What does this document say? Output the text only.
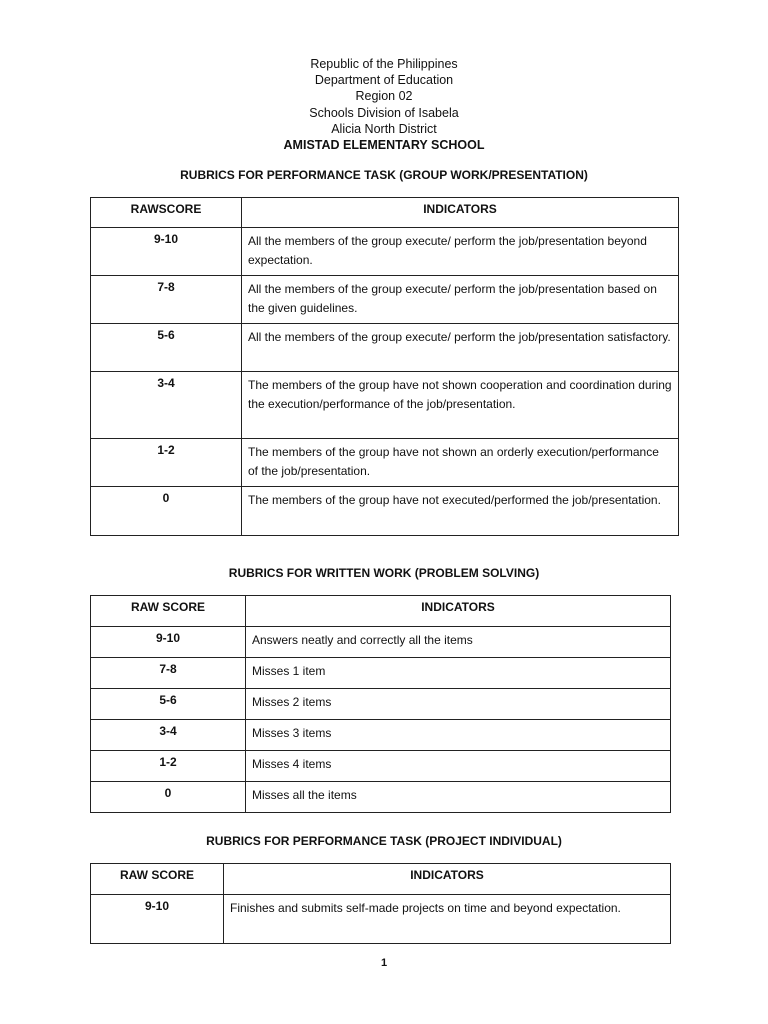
Republic of the Philippines
Department of Education
Region 02
Schools Division of Isabela
Alicia North District
AMISTAD ELEMENTARY SCHOOL
RUBRICS FOR PERFORMANCE TASK (GROUP WORK/PRESENTATION)
RAWSCORE	INDICATORS
9-10	All the members of the group execute/ perform the job/presentation beyond expectation.
7-8	All the members of the group execute/ perform the job/presentation based on the given guidelines.
5-6	All the members of the group execute/ perform the job/presentation satisfactory.
3-4	The members of the group have not shown cooperation and coordination during the execution/performance of the job/presentation.
1-2	The members of the group have not shown an orderly execution/performance of the job/presentation.
0	The members of the group have not executed/performed the job/presentation.
RUBRICS FOR WRITTEN WORK (PROBLEM SOLVING)
RAW SCORE	INDICATORS
9-10	Answers neatly and correctly all the items
7-8	Misses 1 item
5-6	Misses 2 items
3-4	Misses 3 items
1-2	Misses 4 items
0	Misses all the items
RUBRICS FOR PERFORMANCE TASK (PROJECT INDIVIDUAL)
RAW SCORE	INDICATORS
9-10	Finishes and submits self-made projects on time and beyond expectation.
1
